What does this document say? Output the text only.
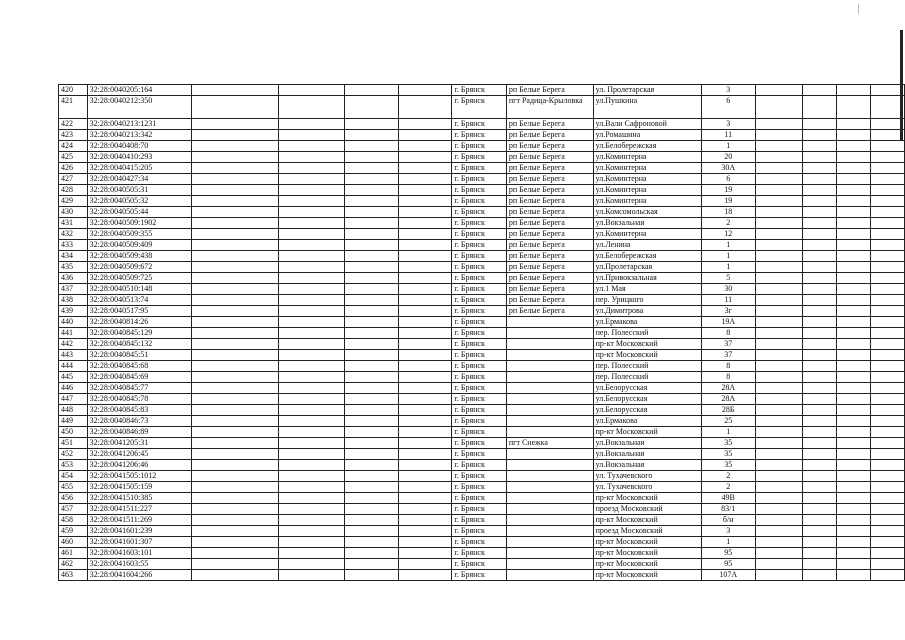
420	32:28:0040205:164					г. Брянск	рп Белые Берега	ул. Пролетарская	3				
421	32:28:0040212:350					г. Брянск	пгт Радица-Крыловка	ул.Пушкина	6				
422	32:28:0040213:1231					г. Брянск	рп Белые Берега	ул.Вали Сафроновой	3				
423	32:28:0040213:342					г. Брянск	рп Белые Берега	ул.Ромашина	11				
424	32:28:0040408:70					г. Брянск	рп Белые Берега	ул.Белобережская	1				
425	32:28:0040410:293					г. Брянск	рп Белые Берега	ул.Коминтерна	20				
426	32:28:0040415:205					г. Брянск	рп Белые Берега	ул.Коминтерна	30А				
427	32:28:0040427:34					г. Брянск	рп Белые Берега	ул.Коминтерна	6				
428	32:28:0040505:31					г. Брянск	рп Белые Берега	ул.Коминтерна	19				
429	32:28:0040505:32					г. Брянск	рп Белые Берега	ул.Коминтерна	19				
430	32:28:0040505:44					г. Брянск	рп Белые Берега	ул.Комсомольская	18				
431	32:28:0040509:1902					г. Брянск	рп Белые Берега	ул.Вокзальная	2				
432	32:28:0040509:355					г. Брянск	рп Белые Берега	ул.Коминтерна	12				
433	32:28:0040509:409					г. Брянск	рп Белые Берега	ул.Ленина	1				
434	32:28:0040509:438					г. Брянск	рп Белые Берега	ул.Белобережская	1				
435	32:28:0040509:672					г. Брянск	рп Белые Берега	ул.Пролетарская	1				
436	32:28:0040509:725					г. Брянск	рп Белые Берега	ул.Привокзальная	5				
437	32:28:0040510:148					г. Брянск	рп Белые Берега	ул.1 Мая	30				
438	32:28:0040513:74					г. Брянск	рп Белые Берега	пер. Урицкого	11				
439	32:28:0040517:95					г. Брянск	рп Белые Берега	ул.Димитрова	3г				
440	32:28:0040814:26					г. Брянск		ул.Ермакова	19А				
441	32:28:0040845:129					г. Брянск		пер. Полесский	8				
442	32:28:0040845:132					г. Брянск		пр-кт Московский	37				
443	32:28:0040845:51					г. Брянск		пр-кт Московский	37				
444	32:28:0040845:68					г. Брянск		пер. Полесский	8				
445	32:28:0040845:69					г. Брянск		пер. Полесский	8				
446	32:28:0040845:77					г. Брянск		ул.Белорусская	28А				
447	32:28:0040845:78					г. Брянск		ул.Белорусская	28А				
448	32:28:0040845:83					г. Брянск		ул.Белорусская	28Б				
449	32:28:0040846:73					г. Брянск		ул.Ермакова	25				
450	32:28:0040846:89					г. Брянск		пр-кт Московский	1				
451	32:28:0041205:31					г. Брянск	пгт Снежка	ул.Вокзальная	35				
452	32:28:0041206:45					г. Брянск		ул.Вокзальная	35				
453	32:28:0041206:46					г. Брянск		ул.Вокзальная	35				
454	32:28:0041505:1012					г. Брянск		ул. Тухачевского	2				
455	32:28:0041505:159					г. Брянск		ул. Тухачевского	2				
456	32:28:0041510:385					г. Брянск		пр-кт Московский	49В				
457	32:28:0041511:227					г. Брянск		проезд Московский	83/1				
458	32:28:0041511:269					г. Брянск		пр-кт Московский	б/н				
459	32:28:0041601:239					г. Брянск		проезд Московский	3				
460	32:28:0041601:307					г. Брянск		пр-кт Московский	1				
461	32:28:0041603:101					г. Брянск		пр-кт Московский	95				
462	32:28:0041603:55					г. Брянск		пр-кт Московский	95				
463	32:28:0041604:266					г. Брянск		пр-кт Московский	107А				
